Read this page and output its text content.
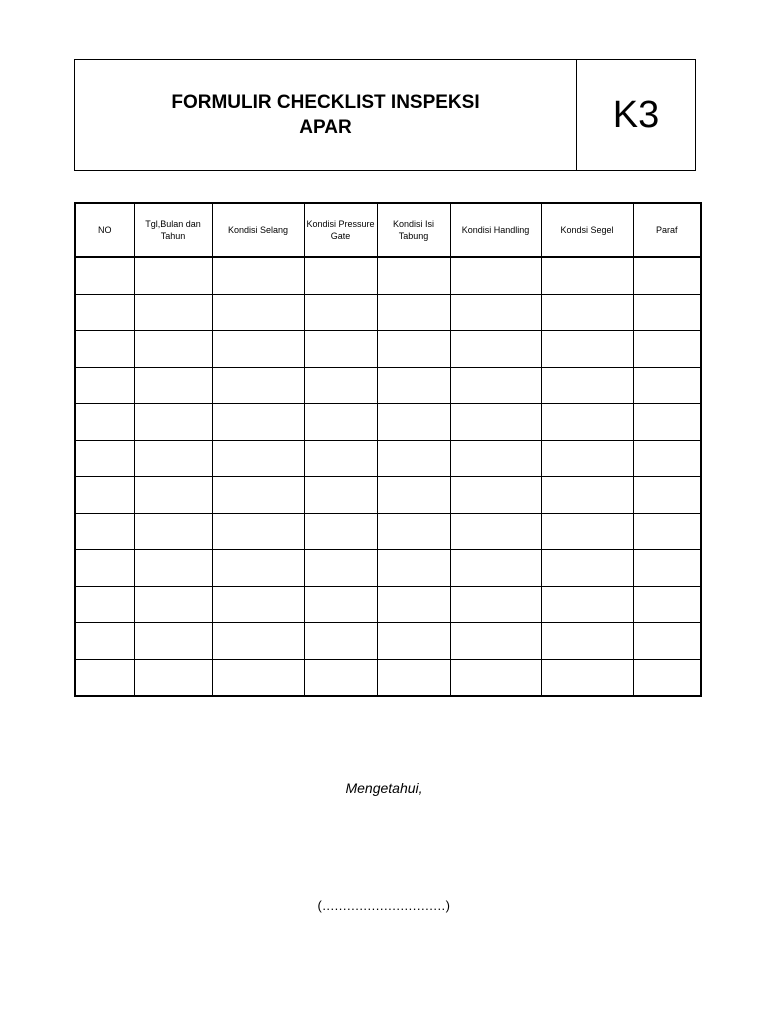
FORMULIR CHECKLIST INSPEKSI
APAR	K3
NO	Tgl,Bulan dan Tahun	Kondisi Selang	Kondisi Pressure Gate	Kondisi Isi Tabung	Kondisi Handling	Kondsi Segel	Paraf

Mengetahui,
(..............................)
